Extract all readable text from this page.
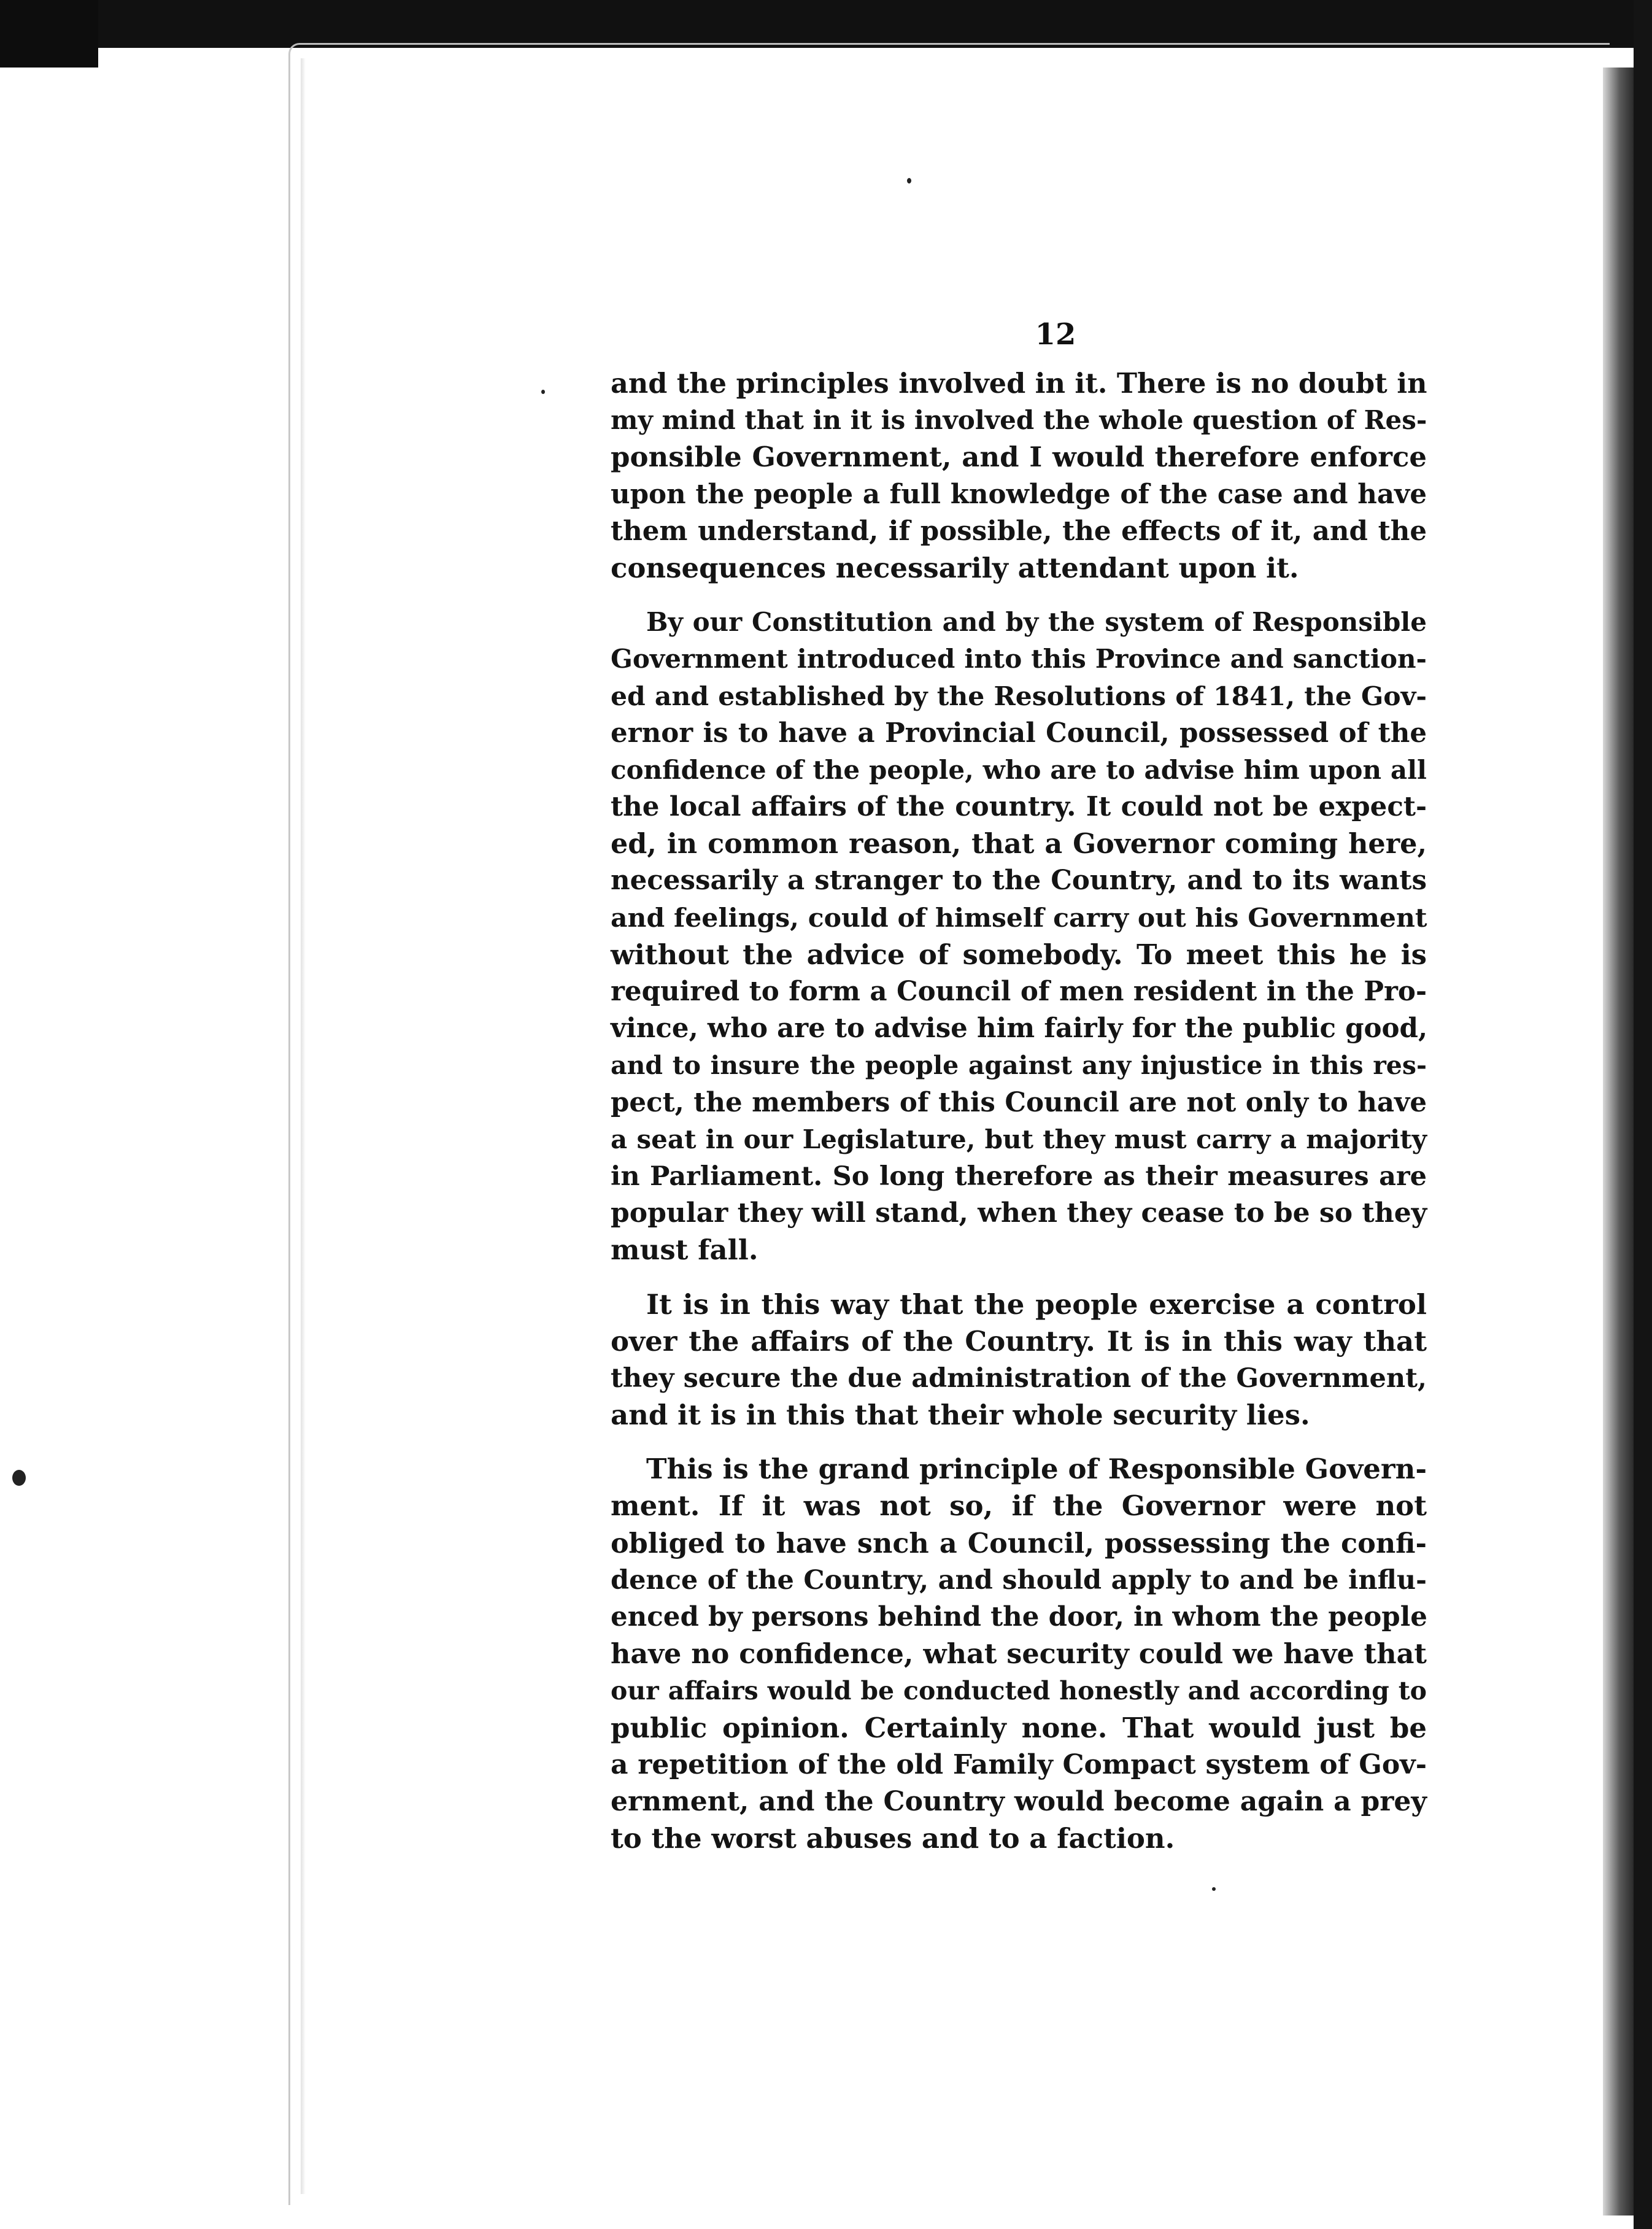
12
and the principles involved in it. There is no doubt in
my mind that in it is involved the whole question of Res-
ponsible Government, and I would therefore enforce
upon the people a full knowledge of the case and have
them understand, if possible, the effects of it, and the
consequences necessarily attendant upon it.
By our Constitution and by the system of Responsible
Government introduced into this Province and sanction-
ed and established by the Resolutions of 1841, the Gov-
ernor is to have a Provincial Council, possessed of the
confidence of the people, who are to advise him upon all
the local affairs of the country. It could not be expect-
ed, in common reason, that a Governor coming here,
necessarily a stranger to the Country, and to its wants
and feelings, could of himself carry out his Government
without the advice of somebody. To meet this he is
required to form a Council of men resident in the Pro-
vince, who are to advise him fairly for the public good,
and to insure the people against any injustice in this res-
pect, the members of this Council are not only to have
a seat in our Legislature, but they must carry a majority
in Parliament. So long therefore as their measures are
popular they will stand, when they cease to be so they
must fall.
It is in this way that the people exercise a control
over the affairs of the Country. It is in this way that
they secure the due administration of the Government,
and it is in this that their whole security lies.
This is the grand principle of Responsible Govern-
ment. If it was not so, if the Governor were not
obliged to have snch a Council, possessing the confi-
dence of the Country, and should apply to and be influ-
enced by persons behind the door, in whom the people
have no confidence, what security could we have that
our affairs would be conducted honestly and according to
public opinion. Certainly none. That would just be
a repetition of the old Family Compact system of Gov-
ernment, and the Country would become again a prey
to the worst abuses and to a faction.
